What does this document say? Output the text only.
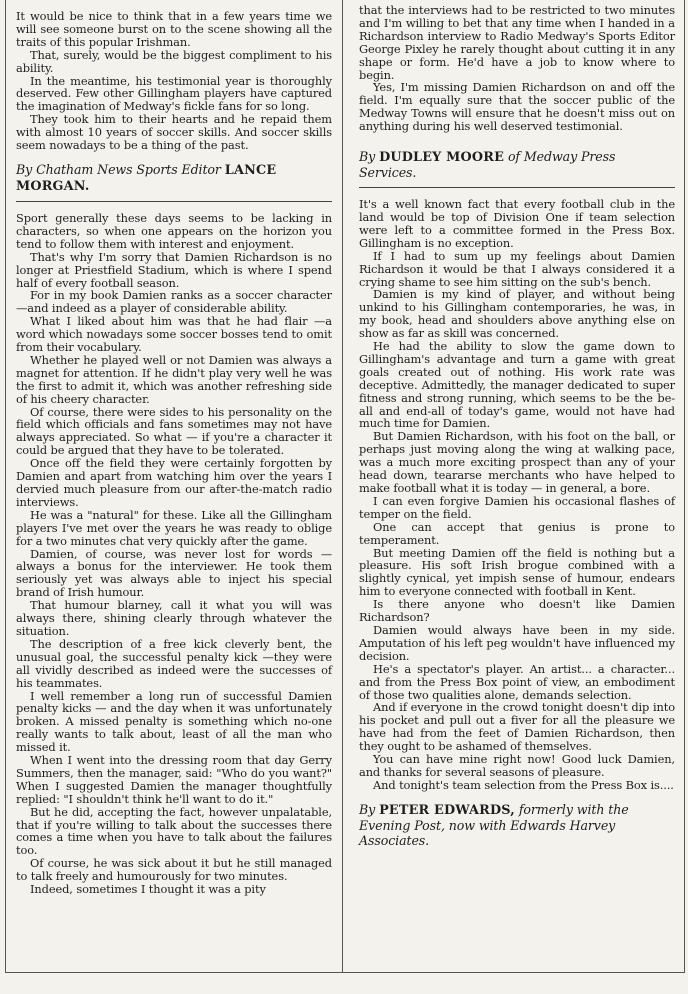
It would be nice to think that in a few years time we will see someone burst on to the scene showing all the traits of this popular Irishman.

That, surely, would be the biggest compliment to his ability.

In the meantime, his testimonial year is thoroughly deserved. Few other Gillingham players have captured the imagination of Medway's fickle fans for so long.

They took him to their hearts and he repaid them with almost 10 years of soccer skills. And soccer skills seem nowadays to be a thing of the past.

By Chatham News Sports Editor LANCE MORGAN.

Sport generally these days seems to be lacking in characters, so when one appears on the horizon you tend to follow them with interest and enjoyment.

That's why I'm sorry that Damien Richardson is no longer at Priestfield Stadium, which is where I spend half of every football season.

For in my book Damien ranks as a soccer character —and indeed as a player of considerable ability.

What I liked about him was that he had flair —a word which nowadays some soccer bosses tend to omit from their vocabulary.

Whether he played well or not Damien was always a magnet for attention. If he didn't play very well he was the first to admit it, which was another refreshing side of his cheery character.

Of course, there were sides to his personality on the field which officials and fans sometimes may not have always appreciated. So what — if you're a character it could be argued that they have to be tolerated.

Once off the field they were certainly forgotten by Damien and apart from watching him over the years I dervied much pleasure from our after-the-match radio interviews.

He was a "natural" for these. Like all the Gillingham players I've met over the years he was ready to oblige for a two minutes chat very quickly after the game.

Damien, of course, was never lost for words —always a bonus for the interviewer. He took them seriously yet was always able to inject his special brand of Irish humour.

That humour blarney, call it what you will was always there, shining clearly through whatever the situation.

The description of a free kick cleverly bent, the unusual goal, the successful penalty kick —they were all vividly described as indeed were the successes of his teammates.

I well remember a long run of successful Damien penalty kicks — and the day when it was unfortunately broken. A missed penalty is something which no-one really wants to talk about, least of all the man who missed it.

When I went into the dressing room that day Gerry Summers, then the manager, said: "Who do you want?" When I suggested Damien the manager thoughtfully replied: "I shouldn't think he'll want to do it."

But he did, accepting the fact, however unpalatable, that if you're willing to talk about the successes there comes a time when you have to talk about the failures too.

Of course, he was sick about it but he still managed to talk freely and humourously for two minutes.

Indeed, sometimes I thought it was a pity

that the interviews had to be restricted to two minutes and I'm willing to bet that any time when I handed in a Richardson interview to Radio Medway's Sports Editor George Pixley he rarely thought about cutting it in any shape or form. He'd have a job to know where to begin.

Yes, I'm missing Damien Richardson on and off the field. I'm equally sure that the soccer public of the Medway Towns will ensure that he doesn't miss out on anything during his well deserved testimonial.

By DUDLEY MOORE of Medway Press Services.

It's a well known fact that every football club in the land would be top of Division One if team selection were left to a committee formed in the Press Box. Gillingham is no exception.

If I had to sum up my feelings about Damien Richardson it would be that I always considered it a crying shame to see him sitting on the sub's bench.

Damien is my kind of player, and without being unkind to his Gillingham contemporaries, he was, in my book, head and shoulders above anything else on show as far as skill was concerned.

He had the ability to slow the game down to Gillingham's advantage and turn a game with great goals created out of nothing. His work rate was deceptive. Admittedly, the manager dedicated to super fitness and strong running, which seems to be the be-all and end-all of today's game, would not have had much time for Damien.

But Damien Richardson, with his foot on the ball, or perhaps just moving along the wing at walking pace, was a much more exciting prospect than any of your head down, teararse merchants who have helped to make football what it is today — in general, a bore.

I can even forgive Damien his occasional flashes of temper on the field.

One can accept that genius is prone to temperament.

But meeting Damien off the field is nothing but a pleasure. His soft Irish brogue combined with a slightly cynical, yet impish sense of humour, endears him to everyone connected with football in Kent.

Is there anyone who doesn't like Damien Richardson?

Damien would always have been in my side. Amputation of his left peg wouldn't have influenced my decision.

He's a spectator's player. An artist... a character... and from the Press Box point of view, an embodiment of those two qualities alone, demands selection.

And if everyone in the crowd tonight doesn't dip into his pocket and pull out a fiver for all the pleasure we have had from the feet of Damien Richardson, then they ought to be ashamed of themselves.

You can have mine right now! Good luck Damien, and thanks for several seasons of pleasure.

And tonight's team selection from the Press Box is....

By PETER EDWARDS, formerly with the Evening Post, now with Edwards Harvey Associates.
